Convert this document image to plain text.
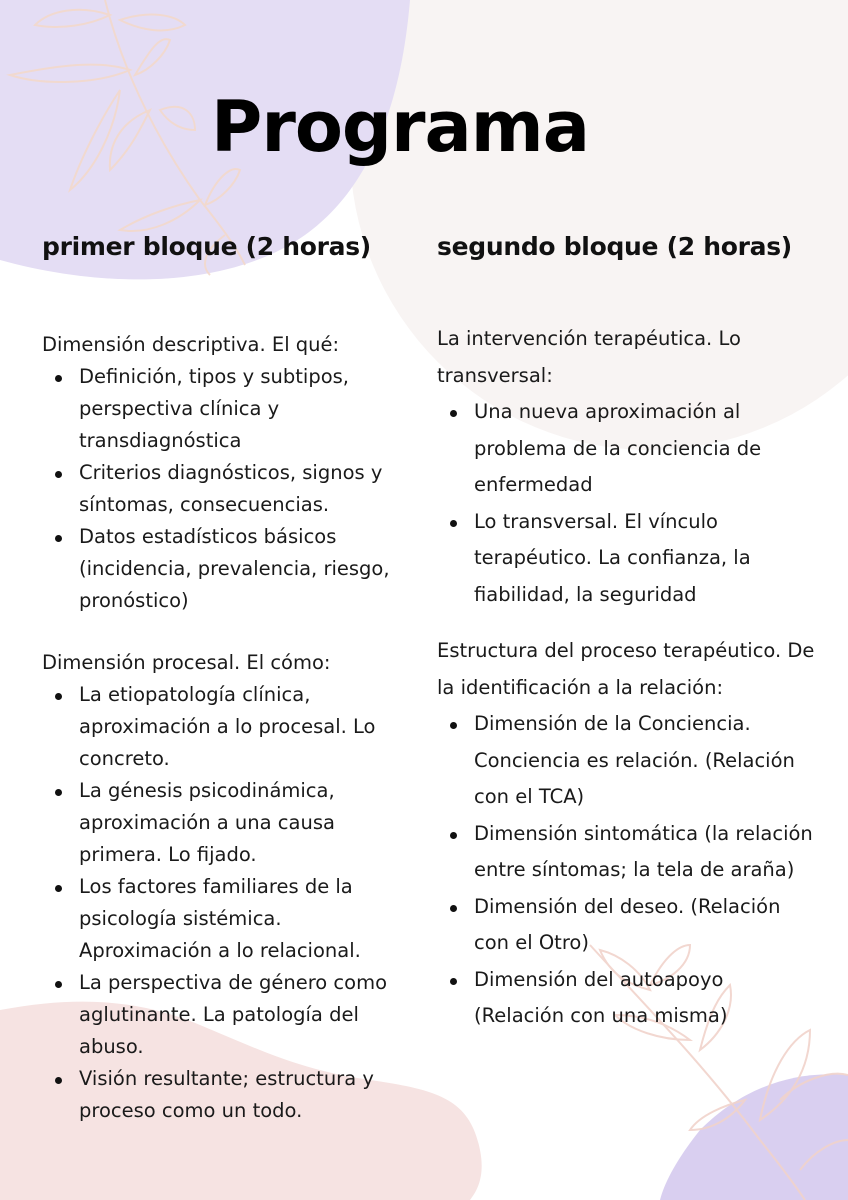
Programa
primer bloque (2 horas)

Dimensión descriptiva. El qué:

Definición, tipos y subtipos, perspectiva clínica y transdiagnóstica
Criterios diagnósticos, signos y síntomas, consecuencias.
Datos estadísticos básicos (incidencia, prevalencia, riesgo, pronóstico)

Dimensión procesal. El cómo:

La etiopatología clínica, aproximación a lo procesal. Lo concreto.
La génesis psicodinámica, aproximación a una causa primera. Lo fijado.
Los factores familiares de la psicología sistémica. Aproximación a lo relacional.
La perspectiva de género como aglutinante. La patología del abuso.
Visión resultante; estructura y proceso como un todo.
segundo bloque (2 horas)

La intervención terapéutica. Lo transversal:

Una nueva aproximación al problema de la conciencia de enfermedad
Lo transversal. El vínculo terapéutico. La confianza, la fiabilidad, la seguridad

Estructura del proceso terapéutico. De la identificación a la relación:

Dimensión de la Conciencia. Conciencia es relación. (Relación con el TCA)
Dimensión sintomática (la relación entre síntomas; la tela de araña)
Dimensión del deseo. (Relación con el Otro)
Dimensión del autoapoyo (Relación con una misma)
